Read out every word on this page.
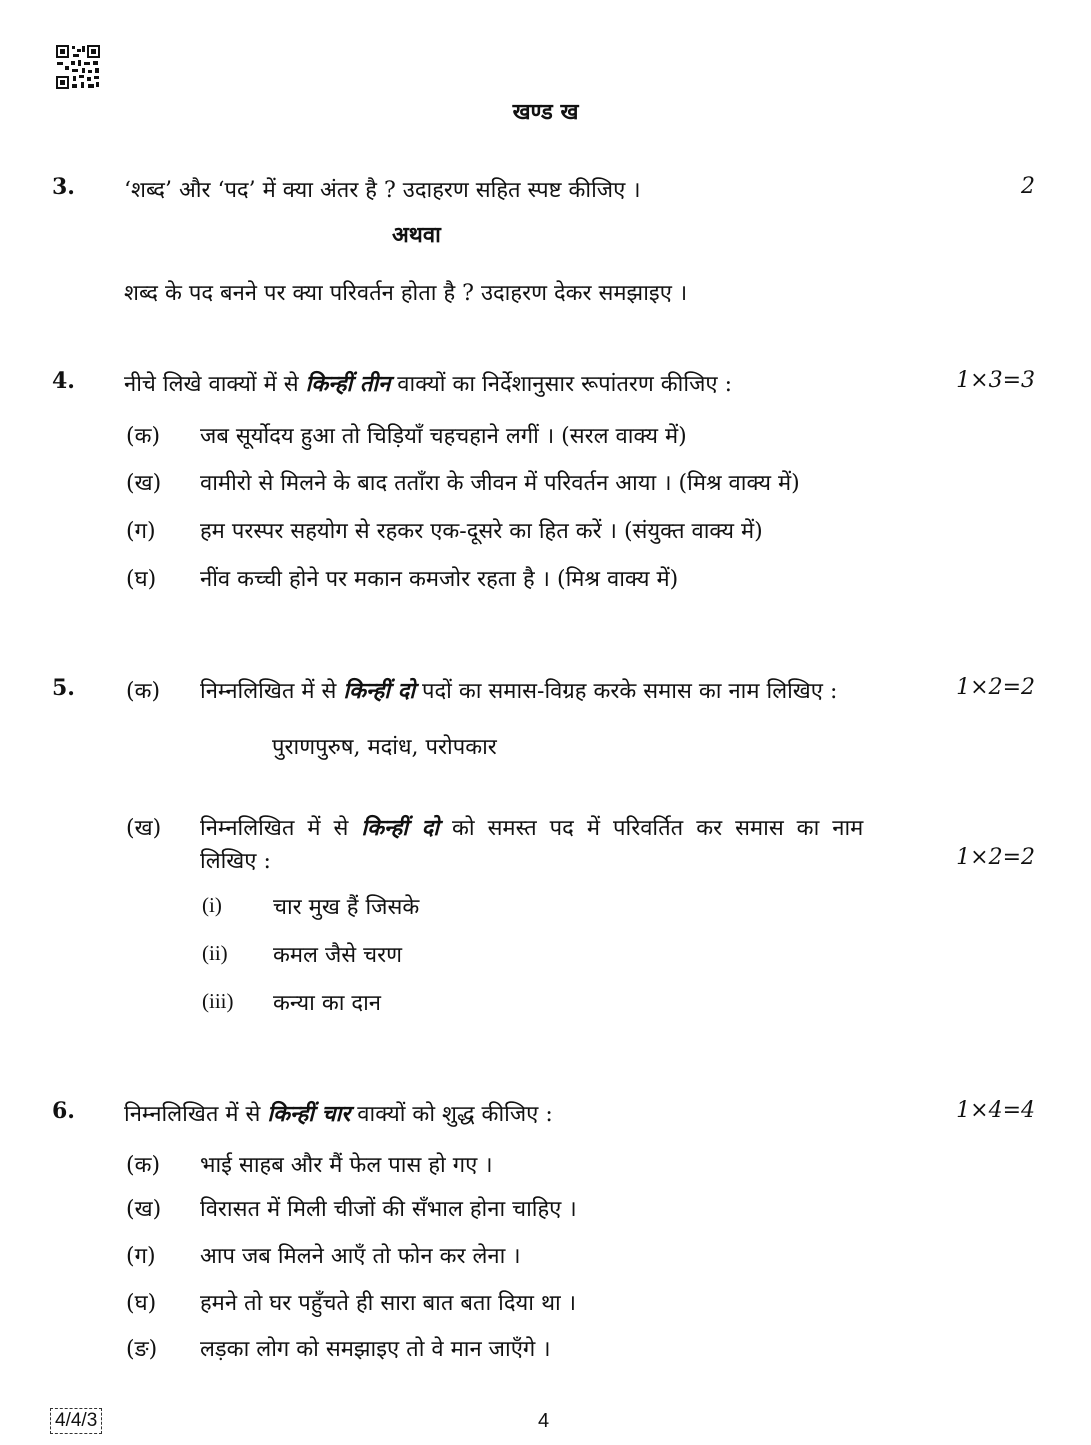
खण्ड ख
3. ‘शब्द’ और ‘पद’ में क्या अंतर है ? उदाहरण सहित स्पष्ट कीजिए ।	2
अथवा
शब्द के पद बनने पर क्या परिवर्तन होता है ? उदाहरण देकर समझाइए ।
4. नीचे लिखे वाक्यों में से किन्हीं तीन वाक्यों का निर्देशानुसार रूपांतरण कीजिए :	1×3=3
(क) जब सूर्योदय हुआ तो चिड़ियाँ चहचहाने लगीं । (सरल वाक्य में)
(ख) वामीरो से मिलने के बाद तताँरा के जीवन में परिवर्तन आया । (मिश्र वाक्य में)
(ग) हम परस्पर सहयोग से रहकर एक-दूसरे का हित करें । (संयुक्त वाक्य में)
(घ) नींव कच्ची होने पर मकान कमजोर रहता है । (मिश्र वाक्य में)
5. (क) निम्नलिखित में से किन्हीं दो पदों का समास-विग्रह करके समास का नाम लिखिए :	1×2=2
पुराणपुरुष, मदांध, परोपकार
(ख) निम्नलिखित में से किन्हीं दो को समस्त पद में परिवर्तित कर समास का नाम
लिखिए :	1×2=2
(i) चार मुख हैं जिसके
(ii) कमल जैसे चरण
(iii) कन्या का दान
6. निम्नलिखित में से किन्हीं चार वाक्यों को शुद्ध कीजिए :	1×4=4
(क) भाई साहब और मैं फेल पास हो गए ।
(ख) विरासत में मिली चीजों की सँभाल होना चाहिए ।
(ग) आप जब मिलने आएँ तो फोन कर लेना ।
(घ) हमने तो घर पहुँचते ही सारा बात बता दिया था ।
(ङ) लड़का लोग को समझाइए तो वे मान जाएँगे ।
4/4/3	4
